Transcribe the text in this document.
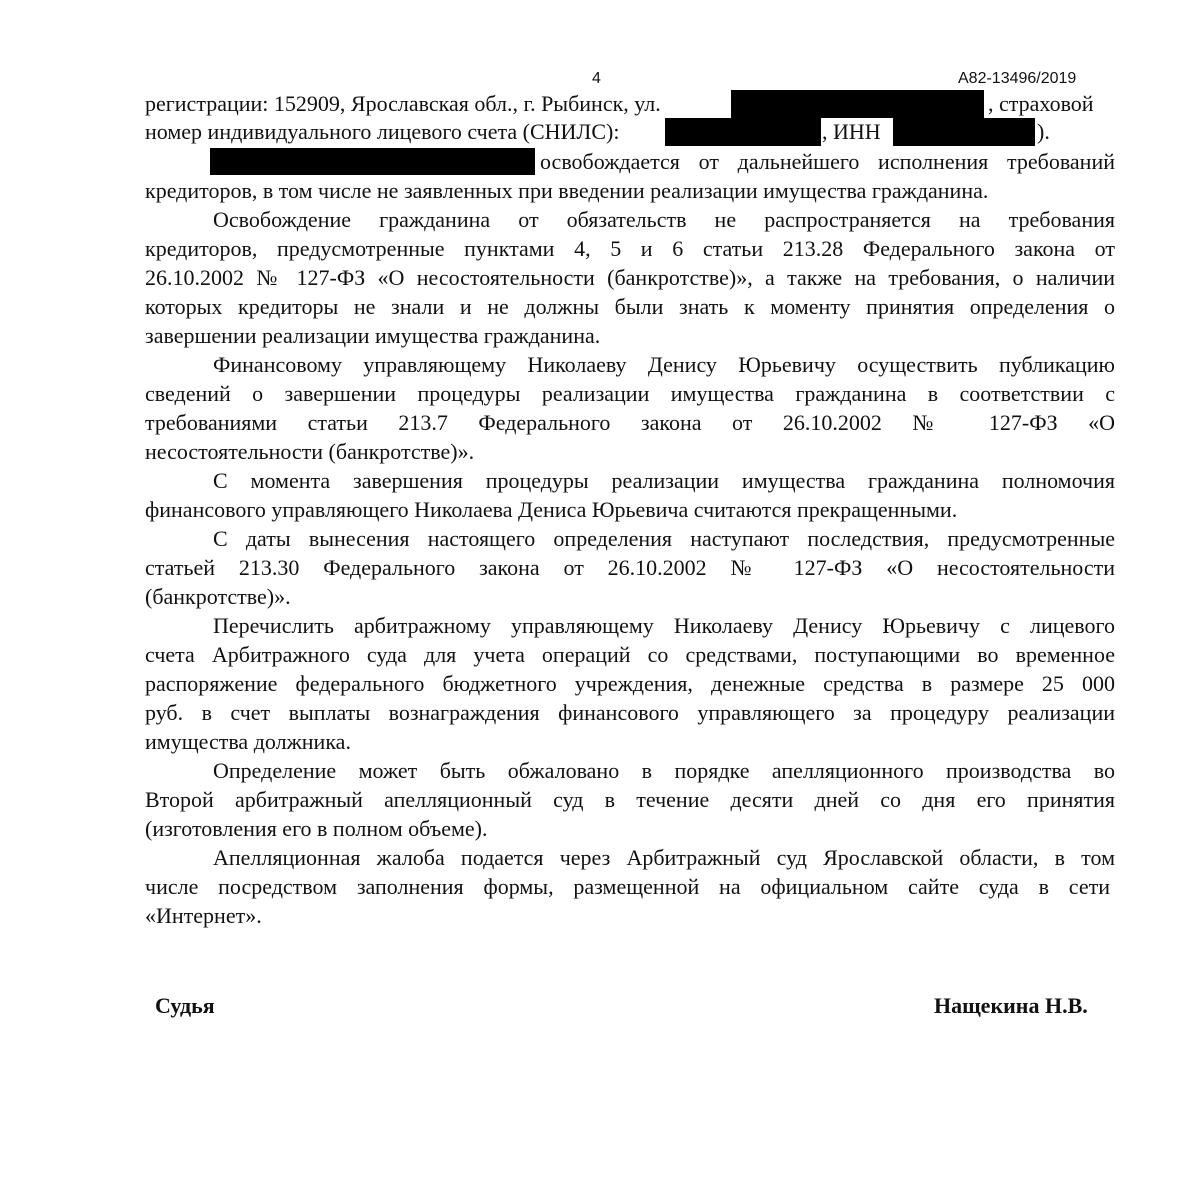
4	А82-13496/2019
регистрации: 152909, Ярославская обл., г. Рыбинск, ул.	, страховой
номер индивидуального лицевого счета (СНИЛС):	, ИНН	).
освобождается от дальнейшего исполнения требований
кредиторов, в том числе не заявленных при введении реализации имущества гражданина.
Освобождение гражданина от обязательств не распространяется на требования
кредиторов, предусмотренные пунктами 4, 5 и 6 статьи 213.28 Федерального закона от
26.10.2002 № 127-ФЗ «О несостоятельности (банкротстве)», а также на требования, о наличии
которых кредиторы не знали и не должны были знать к моменту принятия определения о
завершении реализации имущества гражданина.
Финансовому управляющему Николаеву Денису Юрьевичу осуществить публикацию
сведений о завершении процедуры реализации имущества гражданина в соответствии с
требованиями статьи 213.7 Федерального закона от 26.10.2002 № 127-ФЗ «О
несостоятельности (банкротстве)».
С момента завершения процедуры реализации имущества гражданина полномочия
финансового управляющего Николаева Дениса Юрьевича считаются прекращенными.
С даты вынесения настоящего определения наступают последствия, предусмотренные
статьей 213.30 Федерального закона от 26.10.2002 № 127-ФЗ «О несостоятельности
(банкротстве)».
Перечислить арбитражному управляющему Николаеву Денису Юрьевичу с лицевого
счета Арбитражного суда для учета операций со средствами, поступающими во временное
распоряжение федерального бюджетного учреждения, денежные средства в размере 25 000
руб. в счет выплаты вознаграждения финансового управляющего за процедуру реализации
имущества должника.
Определение может быть обжаловано в порядке апелляционного производства во
Второй арбитражный апелляционный суд в течение десяти дней со дня его принятия
(изготовления его в полном объеме).
Апелляционная жалоба подается через Арбитражный суд Ярославской области, в том
числе посредством заполнения формы, размещенной на официальном сайте суда в сети
«Интернет».
Судья	Нащекина Н.В.
